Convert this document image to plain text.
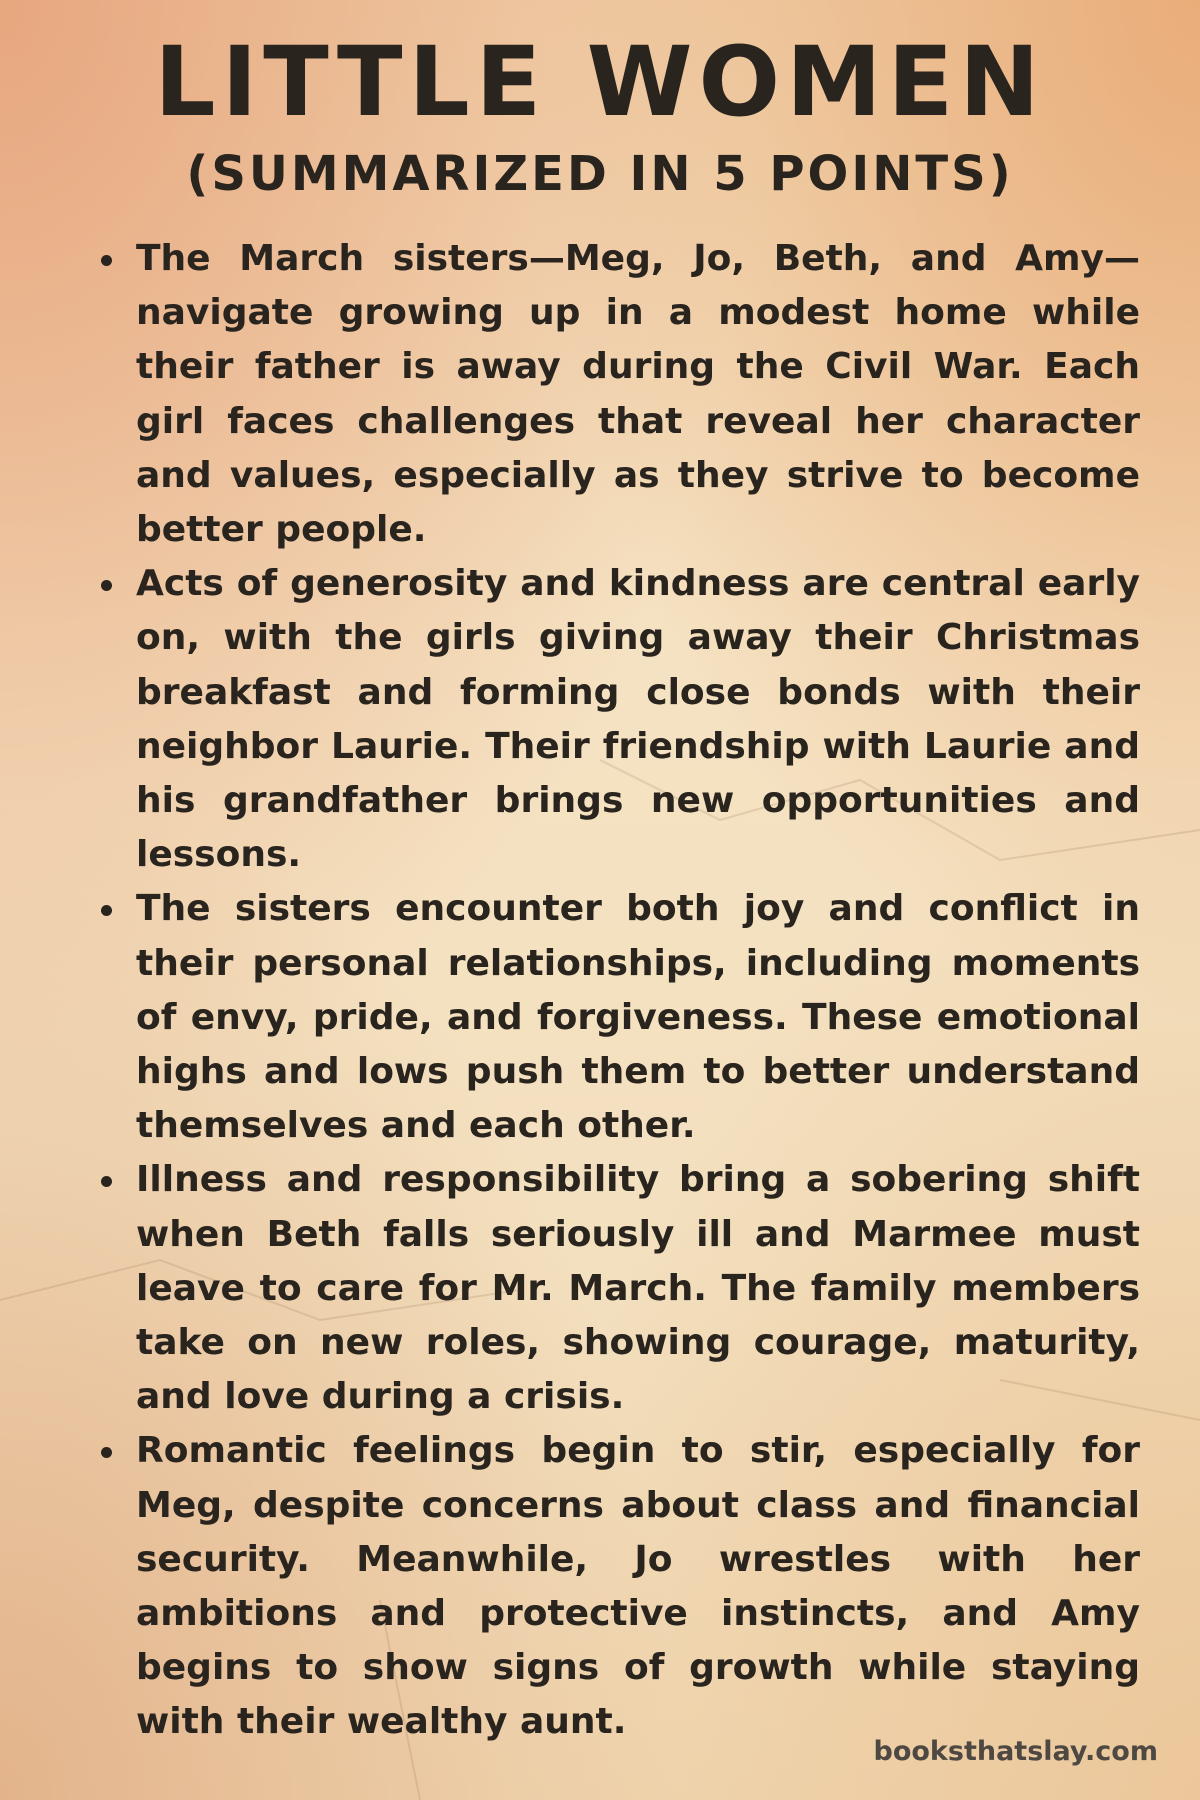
LITTLE WOMEN
(SUMMARIZED IN 5 POINTS)
The March sisters—Meg, Jo, Beth, and Amy—navigate growing up in a modest home while their father is away during the Civil War. Each girl faces challenges that reveal her character and values, especially as they strive to become better people.
Acts of generosity and kindness are central early on, with the girls giving away their Christmas breakfast and forming close bonds with their neighbor Laurie. Their friendship with Laurie and his grandfather brings new opportunities and lessons.
The sisters encounter both joy and conflict in their personal relationships, including moments of envy, pride, and forgiveness. These emotional highs and lows push them to better understand themselves and each other.
Illness and responsibility bring a sobering shift when Beth falls seriously ill and Marmee must leave to care for Mr. March. The family members take on new roles, showing courage, maturity, and love during a crisis.
Romantic feelings begin to stir, especially for Meg, despite concerns about class and financial security. Meanwhile, Jo wrestles with her ambitions and protective instincts, and Amy begins to show signs of growth while staying with their wealthy aunt.

booksthatslay.com
